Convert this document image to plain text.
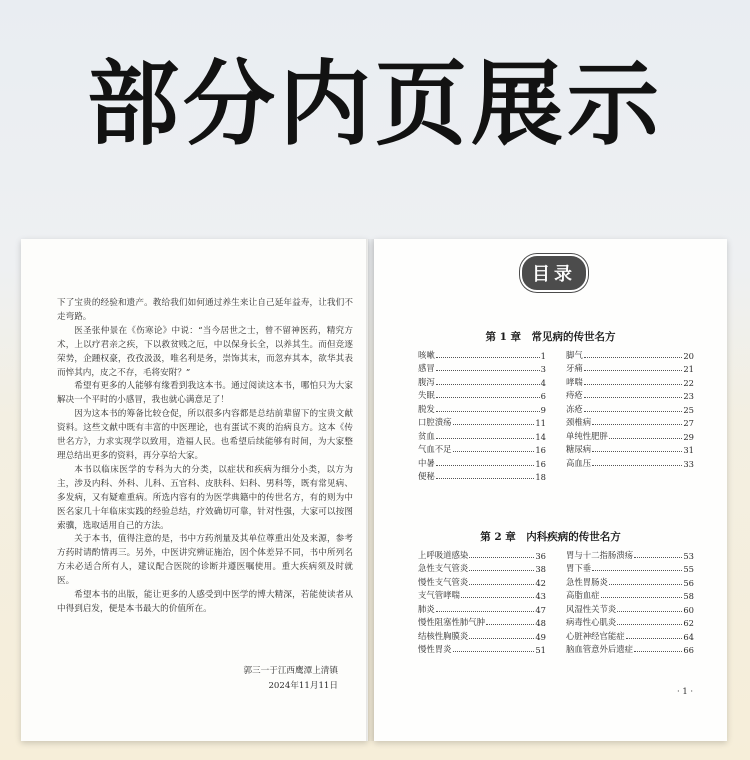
部分内页展示

下了宝贵的经验和遗产。教给我们如何通过养生来让自己延年益寿，让我们不走弯路。

医圣张仲景在《伤寒论》中说：“当今居世之士，曾不留神医药，精究方术，上以疗君亲之疾，下以救贫贱之厄，中以保身长全，以养其生。而但竞逐荣势，企踵权豪，孜孜汲汲，唯名利是务，崇饰其末，而忽弃其本，欲华其表而悴其内，皮之不存，毛将安附？”

希望有更多的人能够有缘看到我这本书。通过阅读这本书，哪怕只为大家解决一个平时的小感冒，我也就心满意足了！

因为这本书的筹备比较仓促，所以很多内容都是总结前辈留下的宝贵文献资料。这些文献中既有丰富的中医理论，也有蛋试不爽的治病良方。这本《传世名方》，力求实现学以致用，造福人民。也希望后续能够有时间，为大家整理总结出更多的资料，再分享给大家。

本书以临床医学的专科为大的分类，以症状和疾病为细分小类，以方为主，涉及内科、外科、儿科、五官科、皮肤科、妇科、男科等，既有常见病、多发病，又有疑难重病。所选内容有的为医学典籍中的传世名方，有的则为中医名家几十年临床实践的经验总结，疗效确切可靠，针对性强，大家可以按图索骥，选取适用自己的方法。

关于本书，值得注意的是，书中方药剂量及其单位尊重出处及来源，参考方药时请酌情再三。另外，中医讲究辨证施治，因个体差异不同，书中所列名方未必适合所有人，建议配合医院的诊断并遵医嘱使用。重大疾病须及时就医。

希望本书的出版，能让更多的人感受到中医学的博大精深，若能使读者从中得到启发，便是本书最大的价值所在。

郭三一于江西鹰潭上清镇
2024年11月11日
目录
第 1 章　常见病的传世名方
咳嗽	1
感冒	3
腹泻	4
失眠	6
脱发	9
口腔溃疡	11
贫血	14
气血不足	16
中暑	16
便秘	18
脚气	20
牙痛	21
哮喘	22
痔疮	23
冻疮	25
颈椎病	27
单纯性肥胖	29
糖尿病	31
高血压	33
第 2 章　内科疾病的传世名方
上呼吸道感染	36
急性支气管炎	38
慢性支气管炎	42
支气管哮喘	43
肺炎	47
慢性阻塞性肺气肿	48
结核性胸膜炎	49
慢性胃炎	51
胃与十二指肠溃疡	53
胃下垂	55
急性胃肠炎	56
高脂血症	58
风湿性关节炎	60
病毒性心肌炎	62
心脏神经官能症	64
脑血管意外后遗症	66
· 1 ·
